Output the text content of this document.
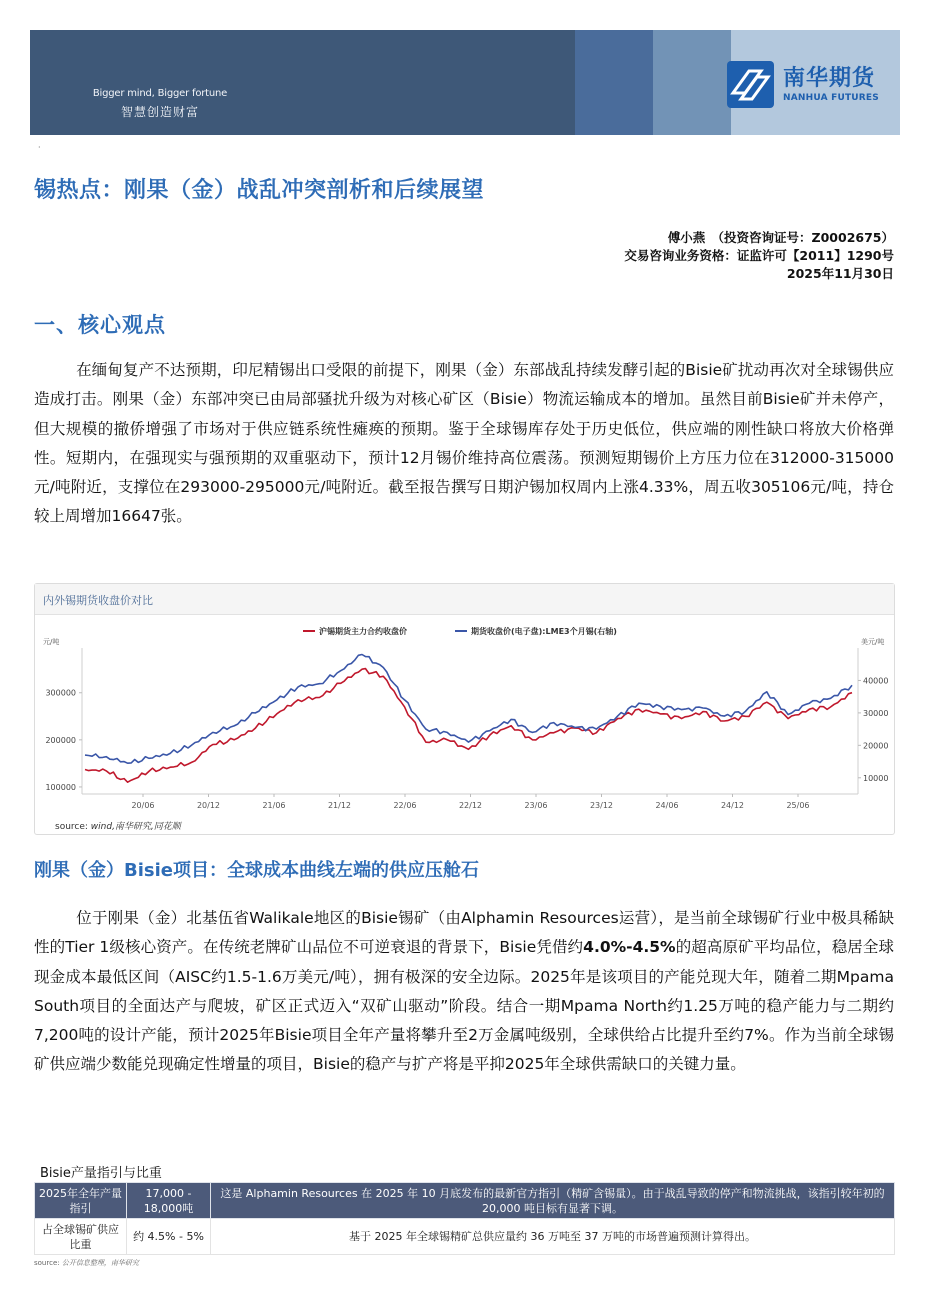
Bigger mind, Bigger fortune
智慧创造财富
南华期货
NANHUA FUTURES
·
锡热点：刚果（金）战乱冲突剖析和后续展望
傅小燕　（投资咨询证号：Z0002675）
交易咨询业务资格：证监许可【2011】1290号
2025年11月30日
一、核心观点

在缅甸复产不达预期，印尼精锡出口受限的前提下，刚果（金）东部战乱持续发酵引起的Bisie矿扰动再次对全球锡供应造成打击。刚果（金）东部冲突已由局部骚扰升级为对核心矿区（Bisie）物流运输成本的增加。虽然目前Bisie矿并未停产，但大规模的撤侨增强了市场对于供应链系统性瘫痪的预期。鉴于全球锡库存处于历史低位，供应端的刚性缺口将放大价格弹性。短期内，在强现实与强预期的双重驱动下，预计12月锡价维持高位震荡。预测短期锡价上方压力位在312000-315000元/吨附近，支撑位在293000-295000元/吨附近。截至报告撰写日期沪锡加权周内上涨4.33%，周五收305106元/吨，持仓较上周增加16647张。

内外锡期货收盘价对比
元/吨	美元/吨
100000
200000
300000
10000
20000
30000
40000
20/06	20/12	21/06	21/12	22/06	22/12	23/06	23/12	24/06	24/12	25/06
沪锡期货主力合约收盘价	期货收盘价(电子盘):LME3个月锡(右轴)
source: wind,南华研究,同花顺
刚果（金）Bisie项目：全球成本曲线左端的供应压舱石

位于刚果（金）北基伍省Walikale地区的Bisie锡矿（由Alphamin Resources运营），是当前全球锡矿行业中极具稀缺性的Tier 1级核心资产。在传统老牌矿山品位不可逆衰退的背景下，Bisie凭借约4.0%-4.5%的超高原矿平均品位，稳居全球现金成本最低区间（AISC约1.5-1.6万美元/吨），拥有极深的安全边际。2025年是该项目的产能兑现大年，随着二期Mpama South项目的全面达产与爬坡，矿区正式迈入“双矿山驱动”阶段。结合一期Mpama North约1.25万吨的稳产能力与二期约7,200吨的设计产能，预计2025年Bisie项目全年产量将攀升至2万金属吨级别，全球供给占比提升至约7%。作为当前全球锡矿供应端少数能兑现确定性增量的项目，Bisie的稳产与扩产将是平抑2025年全球供需缺口的关键力量。

Bisie产量指引与比重
2025年全年产量指引	17,000 - 18,000吨	这是 Alphamin Resources 在 2025 年 10 月底发布的最新官方指引（精矿含锡量）。由于战乱导致的停产和物流挑战，该指引较年初的 20,000 吨目标有显著下调。
占全球锡矿供应比重	约 4.5% - 5%	基于 2025 年全球锡精矿总供应量约 36 万吨至 37 万吨的市场普遍预测计算得出。
source: 公开信息整理，南华研究
